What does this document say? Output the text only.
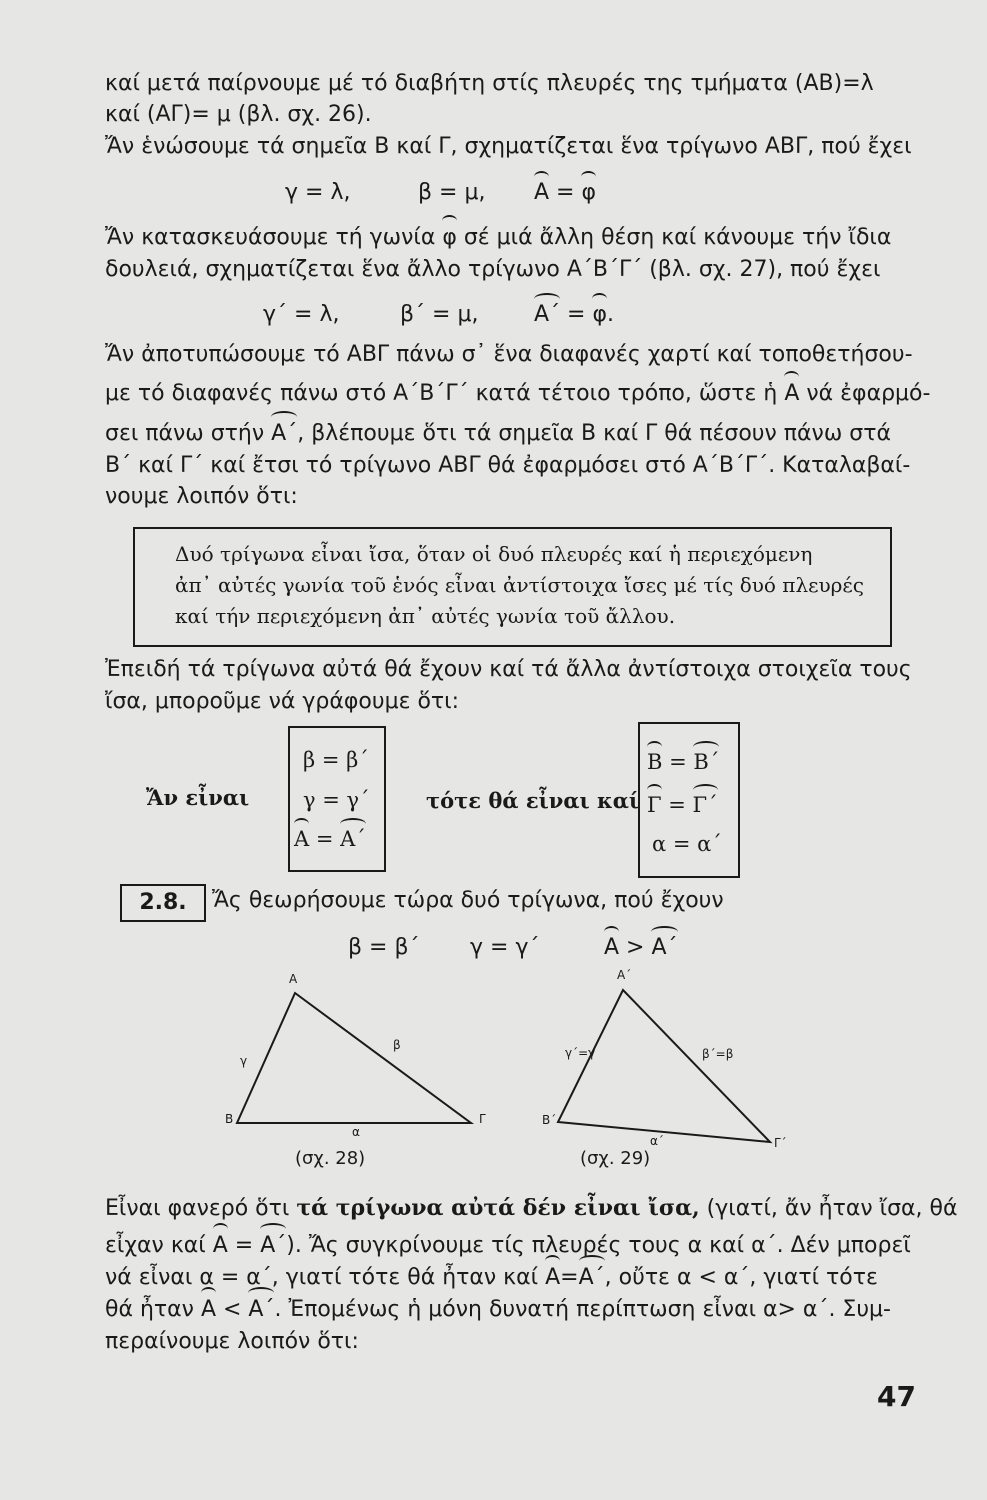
καί μετά παίρνουμε μέ τό διαβήτη στίς πλευρές της τμήματα (AB)=λ
καί (ΑΓ)= μ (βλ. σχ. 26).
Ἄν ἑνώσουμε τά σημεῖα Β καί Γ, σχηματίζεται ἕνα τρίγωνο ΑΒΓ, πού ἔχει
γ = λ,	β = μ, A = φ
Ἄν κατασκευάσουμε τή γωνία φ σέ μιά ἄλλη θέση καί κάνουμε τήν ἴδια
δουλειά, σχηματίζεται ἕνα ἄλλο τρίγωνο Α΄Β΄Γ΄ (βλ. σχ. 27), πού ἔχει
γ΄ = λ,	β΄ = μ,	A΄ = φ.
Ἄν ἀποτυπώσουμε τό ΑΒΓ πάνω σ᾽ ἕνα διαφανές χαρτί καί τοποθετήσου-
με τό διαφανές πάνω στό Α΄Β΄Γ΄ κατά τέτοιο τρόπο, ὥστε ἡ A νά ἐφαρμό-
σει πάνω στήν A΄, βλέπουμε ὅτι τά σημεῖα Β καί Γ θά πέσουν πάνω στά
Β΄ καί Γ΄ καί ἔτσι τό τρίγωνο ΑΒΓ θά ἐφαρμόσει στό Α΄Β΄Γ΄. Καταλαβαί-
νουμε λοιπόν ὅτι:
Δυό τρίγωνα εἶναι ἴσα, ὅταν οἱ δυό πλευρές καί ἡ περιεχόμενη
ἀπ᾽ αὐτές γωνία τοῦ ἑνός εἶναι ἀντίστοιχα ἴσες μέ τίς δυό πλευρές
καί τήν περιεχόμενη ἀπ᾽ αὐτές γωνία τοῦ ἄλλου.
Ἐπειδή τά τρίγωνα αὐτά θά ἔχουν καί τά ἄλλα ἀντίστοιχα στοιχεῖα τους
ἴσα, μποροῦμε νά γράφουμε ὅτι:
Ἄν εἶναι
β = β΄
γ = γ΄
A = A΄
τότε θά εἶναι καί
B = B΄
Γ = Γ΄
α = α΄
2.8.	Ἄς θεωρήσουμε τώρα δυό τρίγωνα, πού ἔχουν
β = β΄ γ = γ΄	A > A΄
A
B	Γ
γ
β
α
(σχ. 28)
A΄
B΄
Γ΄
γ΄=γ	β΄=β
α΄
(σχ. 29)
Εἶναι φανερό ὅτι τά τρίγωνα αὐτά δέν εἶναι ἴσα, (γιατί, ἄν ἦταν ἴσα, θά
εἶχαν καί A = A΄). Ἄς συγκρίνουμε τίς πλευρές τους α καί α΄. Δέν μπορεῖ
νά εἶναι α = α΄, γιατί τότε θά ἦταν καί A=A΄, οὔτε α < α΄, γιατί τότε
θά ἦταν A < A΄. Ἐπομένως ἡ μόνη δυνατή περίπτωση εἶναι α> α΄. Συμ-
περαίνουμε λοιπόν ὅτι:
47
